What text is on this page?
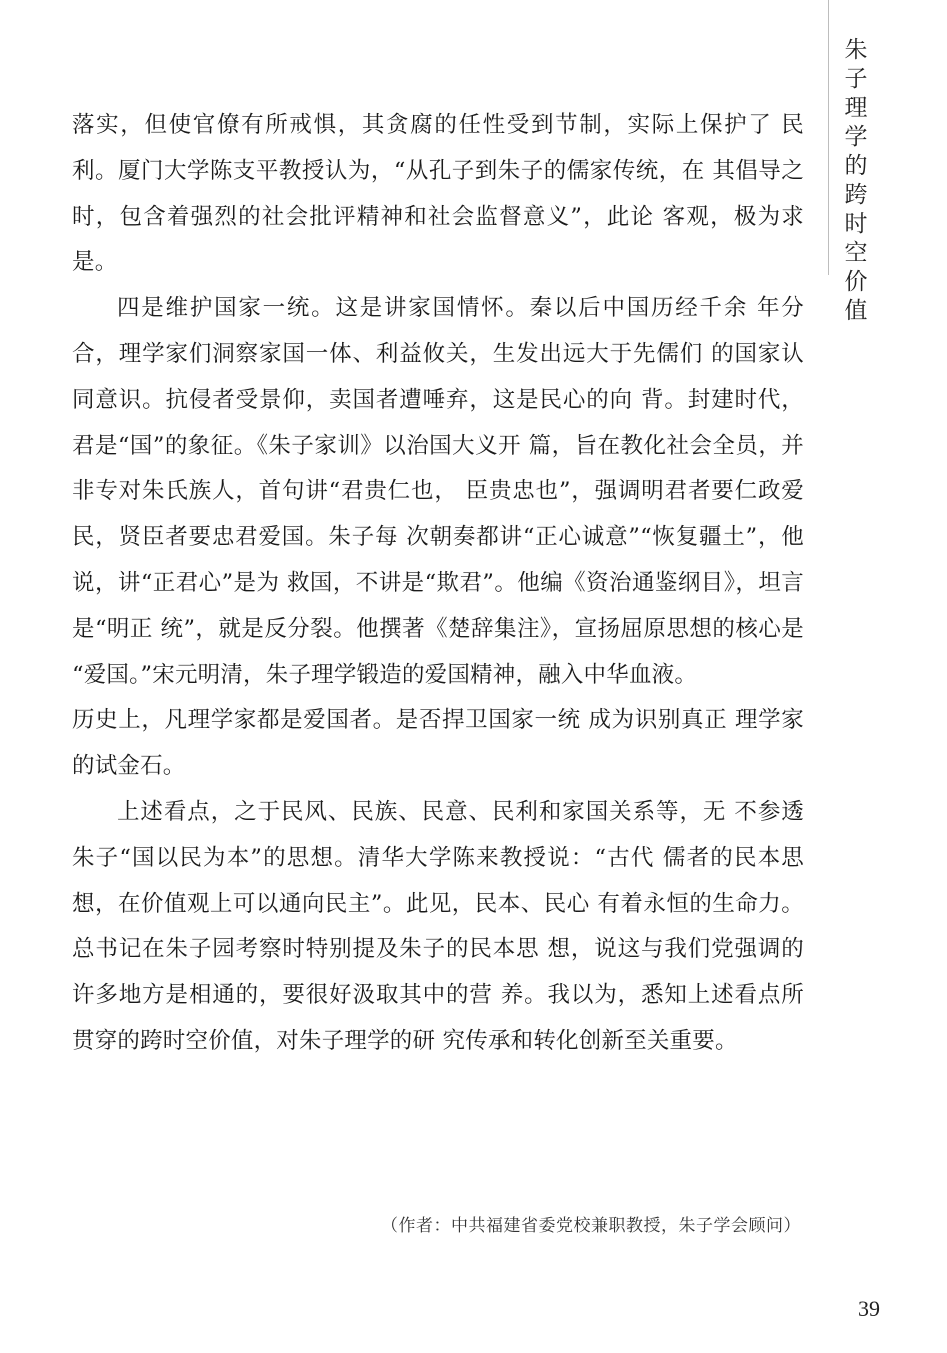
朱
子
理
学
的
跨
时
空
价
值

落实，但使官僚有所戒惧，其贪腐的任性受到节制，实际上保护了 民利。厦门大学陈支平教授认为，“从孔子到朱子的儒家传统，在 其倡导之时，包含着强烈的社会批评精神和社会监督意义”，此论 客观，极为求是。

四是维护国家一统。这是讲家国情怀。秦以后中国历经千余 年分合，理学家们洞察家国一体、利益攸关，生发出远大于先儒们 的国家认同意识。抗侵者受景仰，卖国者遭唾弃，这是民心的向 背。封建时代，君是“国”的象征。《朱子家训》以治国大义开 篇，旨在教化社会全员，并非专对朱氏族人，首句讲“君贵仁也， 臣贵忠也”，强调明君者要仁政爱民，贤臣者要忠君爱国。朱子每 次朝奏都讲“正心诚意”“恢复疆土”，他说，讲“正君心”是为 救国，不讲是“欺君”。他编《资治通鉴纲目》，坦言是“明正 统”，就是反分裂。他撰著《楚辞集注》，宣扬屈原思想的核心是 “爱国。”宋元明清，朱子理学锻造的爱国精神，融入中华血液。

历史上，凡理学家都是爱国者。是否捍卫国家一统 成为识别真正 理学家的试金石。

上述看点，之于民风、民族、民意、民利和家国关系等，无 不参透朱子“国以民为本”的思想。清华大学陈来教授说：“古代 儒者的民本思想，在价值观上可以通向民主”。此见，民本、民心 有着永恒的生命力。总书记在朱子园考察时特别提及朱子的民本思 想，说这与我们党强调的许多地方是相通的，要很好汲取其中的营 养。我以为，悉知上述看点所贯穿的跨时空价值，对朱子理学的研 究传承和转化创新至关重要。

（作者：中共福建省委党校兼职教授，朱子学会顾问）
39
